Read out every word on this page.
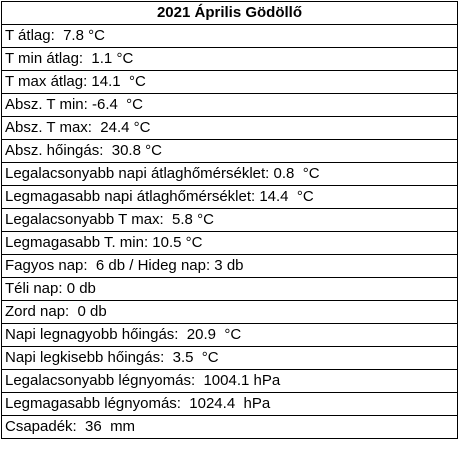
2021 Április Gödöllő
T átlag:  7.8 °C
T min átlag:  1.1 °C
T max átlag: 14.1  °C
Absz. T min: -6.4  °C
Absz. T max:  24.4 °C
Absz. hőingás:  30.8 °C
Legalacsonyabb napi átlaghőmérséklet: 0.8  °C
Legmagasabb napi átlaghőmérséklet: 14.4  °C
Legalacsonyabb T max:  5.8 °C
Legmagasabb T. min: 10.5 °C
Fagyos nap:  6 db / Hideg nap: 3 db
Téli nap: 0 db
Zord nap:  0 db
Napi legnagyobb hőingás:  20.9  °C
Napi legkisebb hőingás:  3.5  °C
Legalacsonyabb légnyomás:  1004.1 hPa
Legmagasabb légnyomás:  1024.4  hPa
Csapadék:  36  mm
